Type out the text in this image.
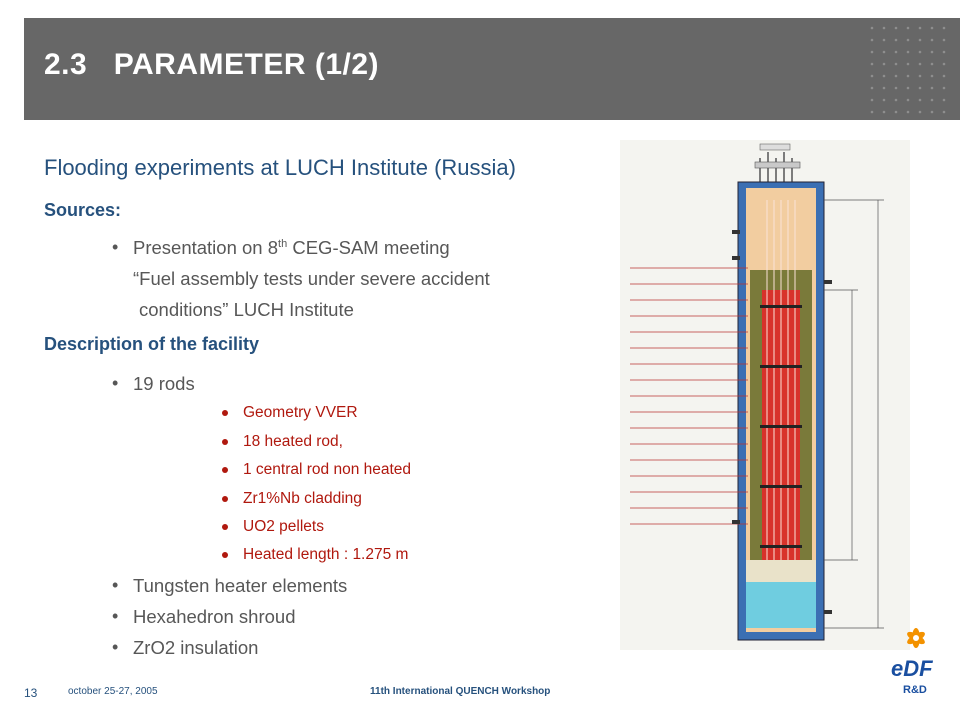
2.3   PARAMETER (1/2)
Flooding experiments at LUCH Institute (Russia)
Sources:
• Presentation on 8th CEG-SAM meeting
“Fuel assembly tests under severe accident
conditions” LUCH Institute
Description of the facility
• 19 rods
Geometry VVER
18 heated rod,
1 central rod non heated
Zr1%Nb cladding
UO2 pellets
Heated length : 1.275 m
• Tungsten heater elements
• Hexahedron shroud
• ZrO2 insulation
eDF
R&D
13	october 25-27, 2005	11th International QUENCH Workshop
